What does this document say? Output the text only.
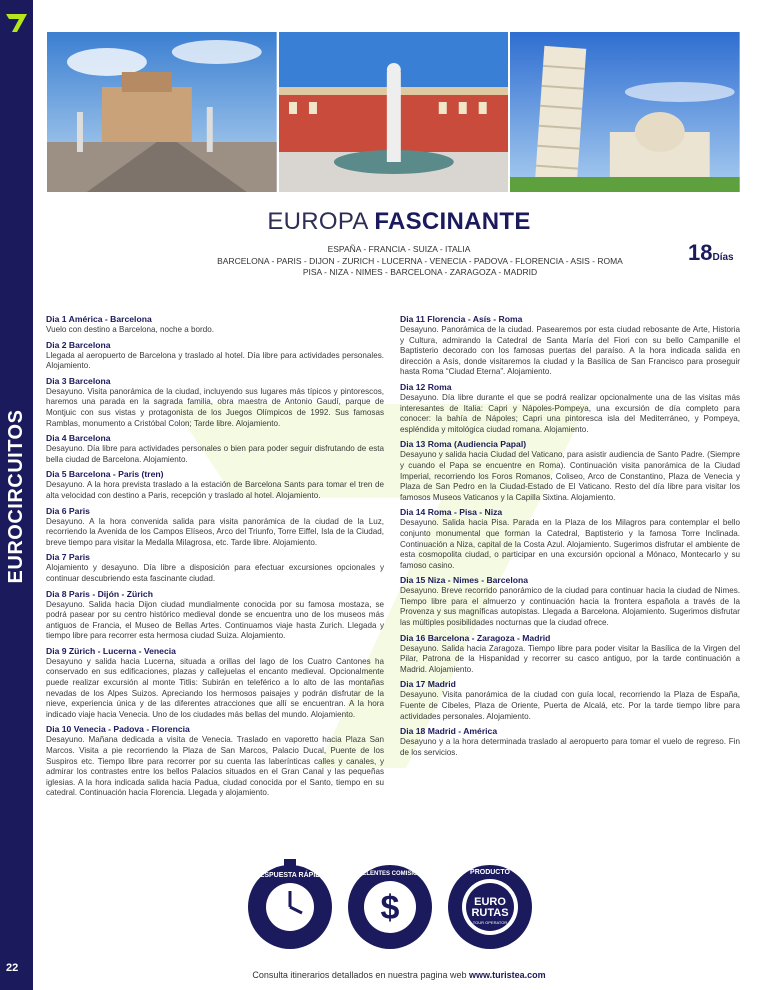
EUROCIRCUITOS
22
EUROPA FASCINANTE
ESPAÑA - FRANCIA - SUIZA - ITALIA
BARCELONA - PARIS - DIJON - ZURICH - LUCERNA - VENECIA - PADOVA - FLORENCIA - ASIS - ROMA PISA - NIZA - NIMES - BARCELONA - ZARAGOZA - MADRID
18Días
Dia 1 América - Barcelona

Vuelo con destino a Barcelona, noche a bordo.

Dia 2 Barcelona

Llegada al aeropuerto de Barcelona y traslado al hotel. Día libre para actividades personales. Alojamiento.

Dia 3 Barcelona

Desayuno. Visita panorámica de la ciudad, incluyendo sus lugares más típicos y pintorescos, haremos una parada en la sagrada familia, obra maestra de Antonio Gaudí, parque de Montjuic con sus vistas y protagonista de los Juegos Olímpicos de 1992. Sus famosas Ramblas, monumento a Cristóbal Colon; Tarde libre. Alojamiento.

Dia 4 Barcelona

Desayuno. Día libre para actividades personales o bien para poder seguir disfrutando de esta bella ciudad de Barcelona. Alojamiento.

Dia 5 Barcelona - Paris (tren)

Desayuno. A la hora prevista traslado a la estación de Barcelona Sants para tomar el tren de alta velocidad con destino a Paris, recepción y traslado al hotel. Alojamiento.

Dia 6 Paris

Desayuno. A la hora convenida salida para visita panorámica de la ciudad de la Luz, recorriendo la Avenida de los Campos Elíseos, Arco del Triunfo, Torre Eiffel, Isla de la Ciudad, breve tiempo para visitar la Medalla Milagrosa, etc. Tarde libre. Alojamiento.

Dia 7 Paris

Alojamiento y desayuno. Día libre a disposición para efectuar excursiones opcionales y continuar descubriendo esta fascinante ciudad.

Dia 8 Paris - Dijón - Zürich

Desayuno. Salida hacia Dijon ciudad mundialmente conocida por su famosa mostaza, se podrá pasear por su centro histórico medieval donde se encuentra uno de los museos más antiguos de Francia, el Museo de Bellas Artes. Continuamos viaje hasta Zurich. Llegada y tiempo libre para recorrer esta hermosa ciudad Suiza. Alojamiento.

Dia 9 Zürich - Lucerna - Venecia

Desayuno y salida hacia Lucerna, situada a orillas del lago de los Cuatro Cantones ha conservado en sus edificaciones, plazas y callejuelas el encanto medieval. Opcionalmente puede realizar excursión al monte Titlis: Subirán en teleférico a lo alto de las montañas nevadas de los Alpes Suizos. Apreciando los hermosos paisajes y podrán disfrutar de la nieve, experiencia única y de las diferentes atracciones que allí se encuentran. A la hora indicado viaje hacia Venecia. Uno de los ciudades más bellas del mundo. Alojamiento.

Dia 10 Venecia - Padova - Florencia

Desayuno. Mañana dedicada a visita de Venecia. Traslado en vaporetto hacia Plaza San Marcos. Visita a pie recorriendo la Plaza de San Marcos, Palacio Ducal, Puente de los Suspiros etc. Tiempo libre para recorrer por su cuenta las laberínticas calles y canales, y admirar los contrastes entre los bellos Palacios situados en el Gran Canal y las pequeñas iglesias. A la hora indicada salida hacia Padua, ciudad conocida por el Santo, tiempo en su catedral. Continuación hacia Florencia. Llegada y alojamiento.

Dia 11 Florencia - Asís - Roma

Desayuno. Panorámica de la ciudad. Pasearemos por esta ciudad rebosante de Arte, Historia y Cultura, admirando la Catedral de Santa María del Fiori con su bello Campanille el Baptisterio decorado con los famosas puertas del paraíso. A la hora indicada salida en dirección a Asís, donde visitaremos la ciudad y la Basílica de San Francisco para proseguir hasta Roma “Ciudad Eterna”. Alojamiento.

Dia 12 Roma

Desayuno. Día libre durante el que se podrá realizar opcionalmente una de las visitas más interesantes de Italia: Capri y Nápoles-Pompeya, una excursión de día completo para conocer: la bahía de Nápoles; Capri una pintoresca isla del Mediterráneo, y Pompeya, espléndida y mitológica ciudad romana. Alojamiento.

Dia 13 Roma (Audiencia Papal)

Desayuno y salida hacia Ciudad del Vaticano, para asistir audiencia de Santo Padre. (Siempre y cuando el Papa se encuentre en Roma). Continuación visita panorámica de la Ciudad Imperial, recorriendo los Foros Romanos, Coliseo, Arco de Constantino, Plaza de Venecia y Plaza de San Pedro en la Ciudad-Estado de El Vaticano. Resto del día libre para visitar los famosos Museos Vaticanos y la Capilla Sixtina. Alojamiento.

Dia 14 Roma - Pisa - Niza

Desayuno. Salida hacia Pisa. Parada en la Plaza de los Milagros para contemplar el bello conjunto monumental que forman la Catedral, Baptisterio y la famosa Torre Inclinada. Continuación a Niza, capital de la Costa Azul. Alojamiento. Sugerimos disfrutar el ambiente de esta cosmopolita ciudad, o participar en una excursión opcional a Mónaco, Montecarlo y su famoso casino.

Dia 15 Niza - Nimes - Barcelona

Desayuno. Breve recorrido panorámico de la ciudad para continuar hacia la ciudad de Nimes. Tiempo libre para el almuerzo y continuación hacia la frontera española a través de la Provenza y sus magníficas autopistas. Llegada a Barcelona. Alojamiento. Sugerimos disfrutar las múltiples posibilidades nocturnas que la ciudad ofrece.

Dia 16 Barcelona - Zaragoza - Madrid

Desayuno. Salida hacia Zaragoza. Tiempo libre para poder visitar la Basílica de la Virgen del Pilar, Patrona de la Hispanidad y recorrer su casco antiguo, por la tarde continuación a Madrid. Alojamiento.

Dia 17 Madrid

Desayuno. Visita panorámica de la ciudad con guía local, recorriendo la Plaza de España, Fuente de Cibeles, Plaza de Oriente, Puerta de Alcalá, etc. Por la tarde tiempo libre para actividades personales. Alojamiento.

Dia 18 Madrid - América

Desayuno y a la hora determinada traslado al aeropuerto para tomar el vuelo de regreso. Fin de los servicios.

RESPUESTA RÁPIDA
$
EXCELENTES COMISIONES	PRODUCTO
EURO
RUTAS
TOUR OPERATOR
Consulta itinerarios detallados en nuestra pagina web www.turistea.com
